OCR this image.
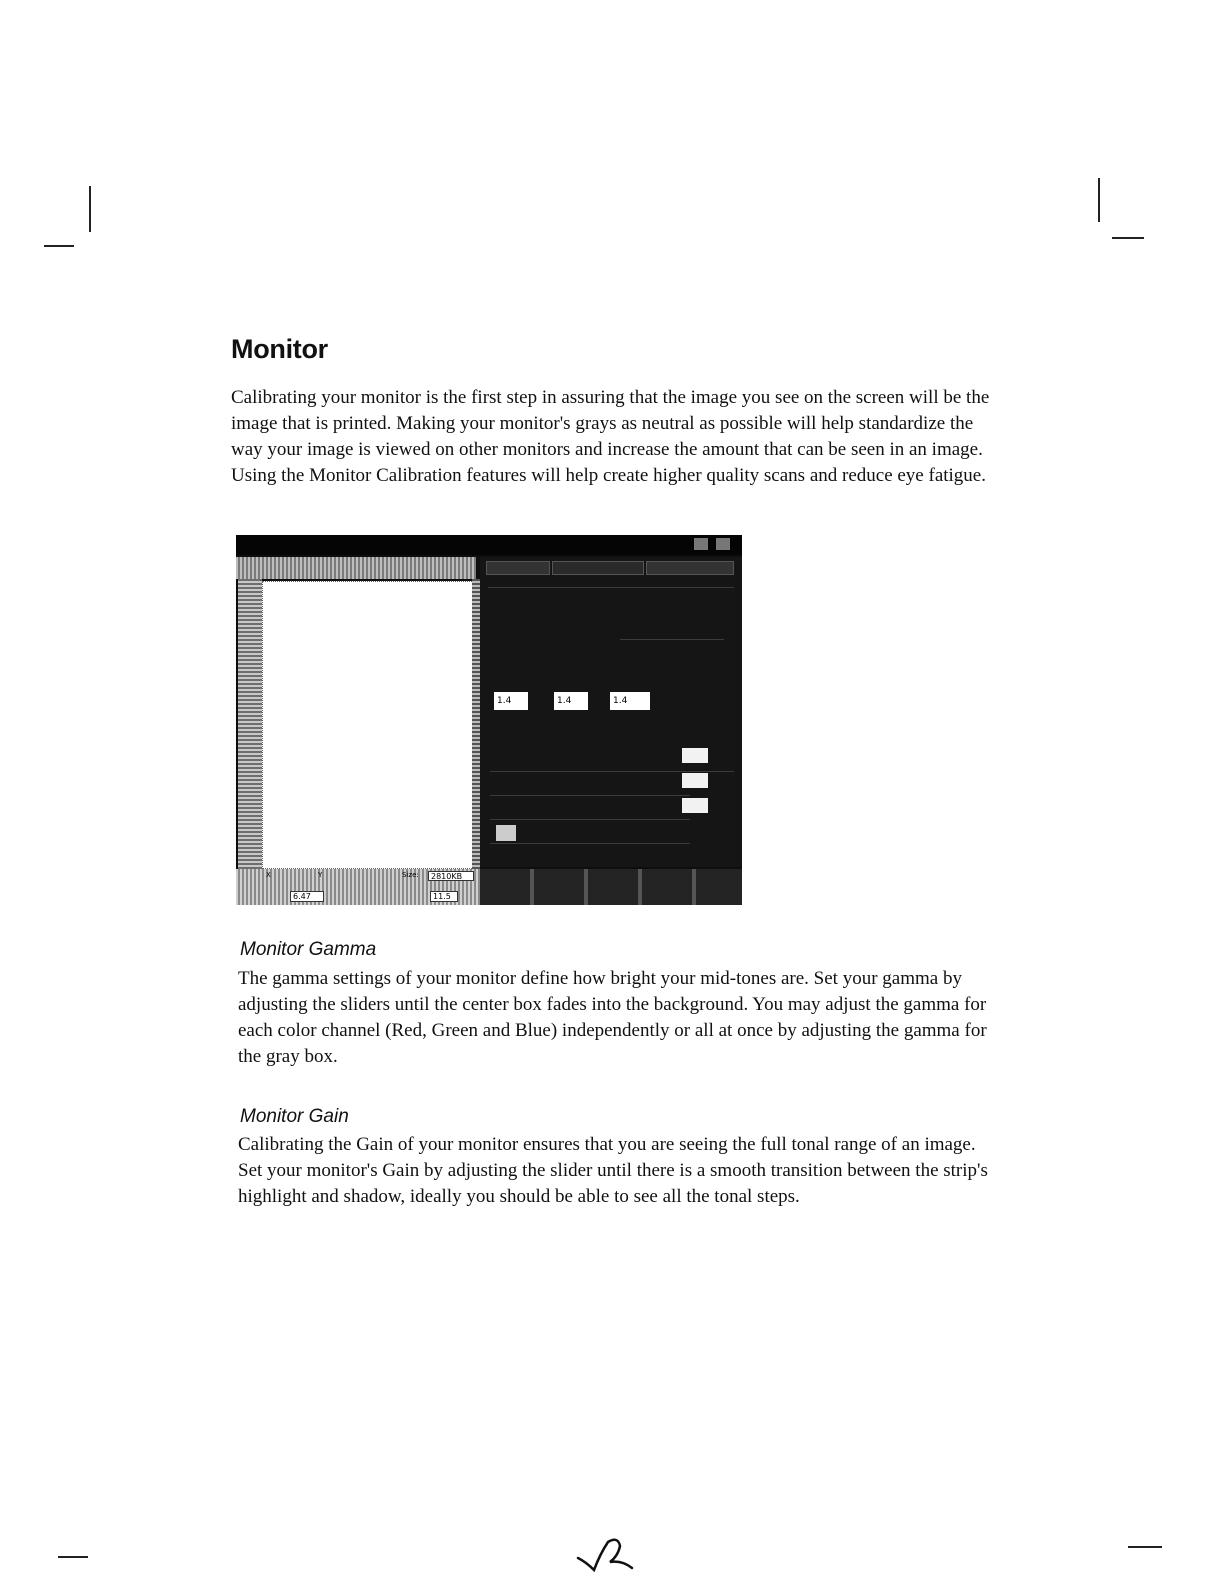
Monitor

Calibrating your monitor is the first step in assuring that the image you see on the screen will be the image that is printed. Making your monitor's grays as neutral as possible will help standardize the way your image is viewed on other monitors and increase the amount that can be seen in an image. Using the Monitor Calibration features will help create higher quality scans and reduce eye fatigue.

X	Y	Size:	2810KB
6.47	11.5
1.4	1.4	1.4
Monitor Gamma

The gamma settings of your monitor define how bright your mid-tones are. Set your gamma by adjusting the sliders until the center box fades into the background. You may adjust the gamma for each color channel (Red, Green and Blue) independently or all at once by adjusting the gamma for the gray box.

Monitor Gain

Calibrating the Gain of your monitor ensures that you are seeing the full tonal range of an image. Set your monitor's Gain by adjusting the slider until there is a smooth transition between the strip's highlight and shadow, ideally you should be able to see all the tonal steps.
